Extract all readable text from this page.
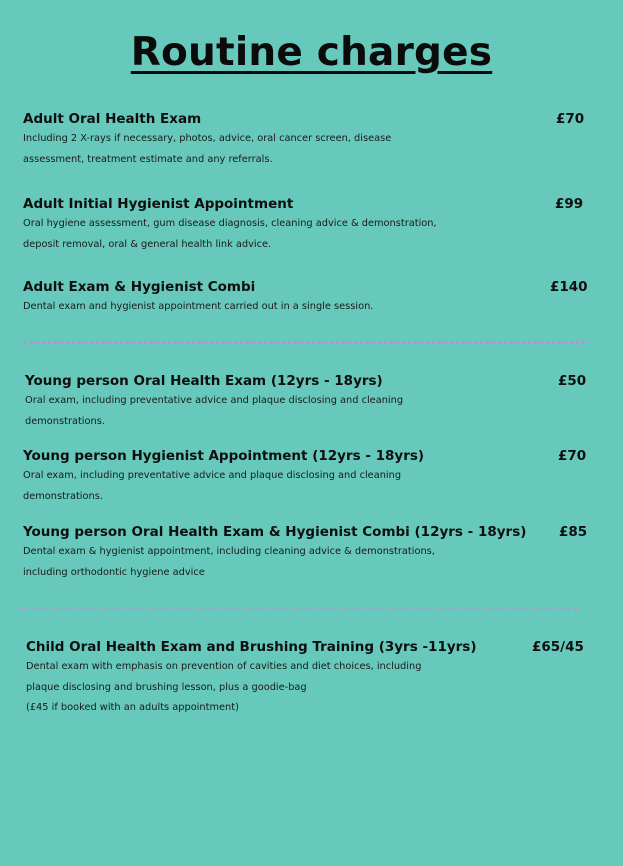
Routine charges
Adult Oral Health Exam	£70
Including 2 X-rays if necessary, photos, advice, oral cancer screen, disease
assessment, treatment estimate and any referrals.
Adult Initial Hygienist Appointment	£99
Oral hygiene assessment, gum disease diagnosis, cleaning advice & demonstration,
deposit removal, oral & general health link advice.
Adult Exam & Hygienist Combi	£140
Dental exam and hygienist appointment carried out in a single session.
Young person Oral Health Exam (12yrs - 18yrs)	£50
Oral exam, including preventative advice and plaque disclosing and cleaning
demonstrations.
Young person Hygienist Appointment (12yrs - 18yrs)	£70
Oral exam, including preventative advice and plaque disclosing and cleaning
demonstrations.
Young person Oral Health Exam & Hygienist Combi (12yrs - 18yrs) £85
Dental exam & hygienist appointment, including cleaning advice & demonstrations,
including orthodontic hygiene advice
Child Oral Health Exam and Brushing Training (3yrs -11yrs)	£65/45
Dental exam with emphasis on prevention of cavities and diet choices, including
plaque disclosing and brushing lesson, plus a goodie-bag
(£45 if booked with an adults appointment)
